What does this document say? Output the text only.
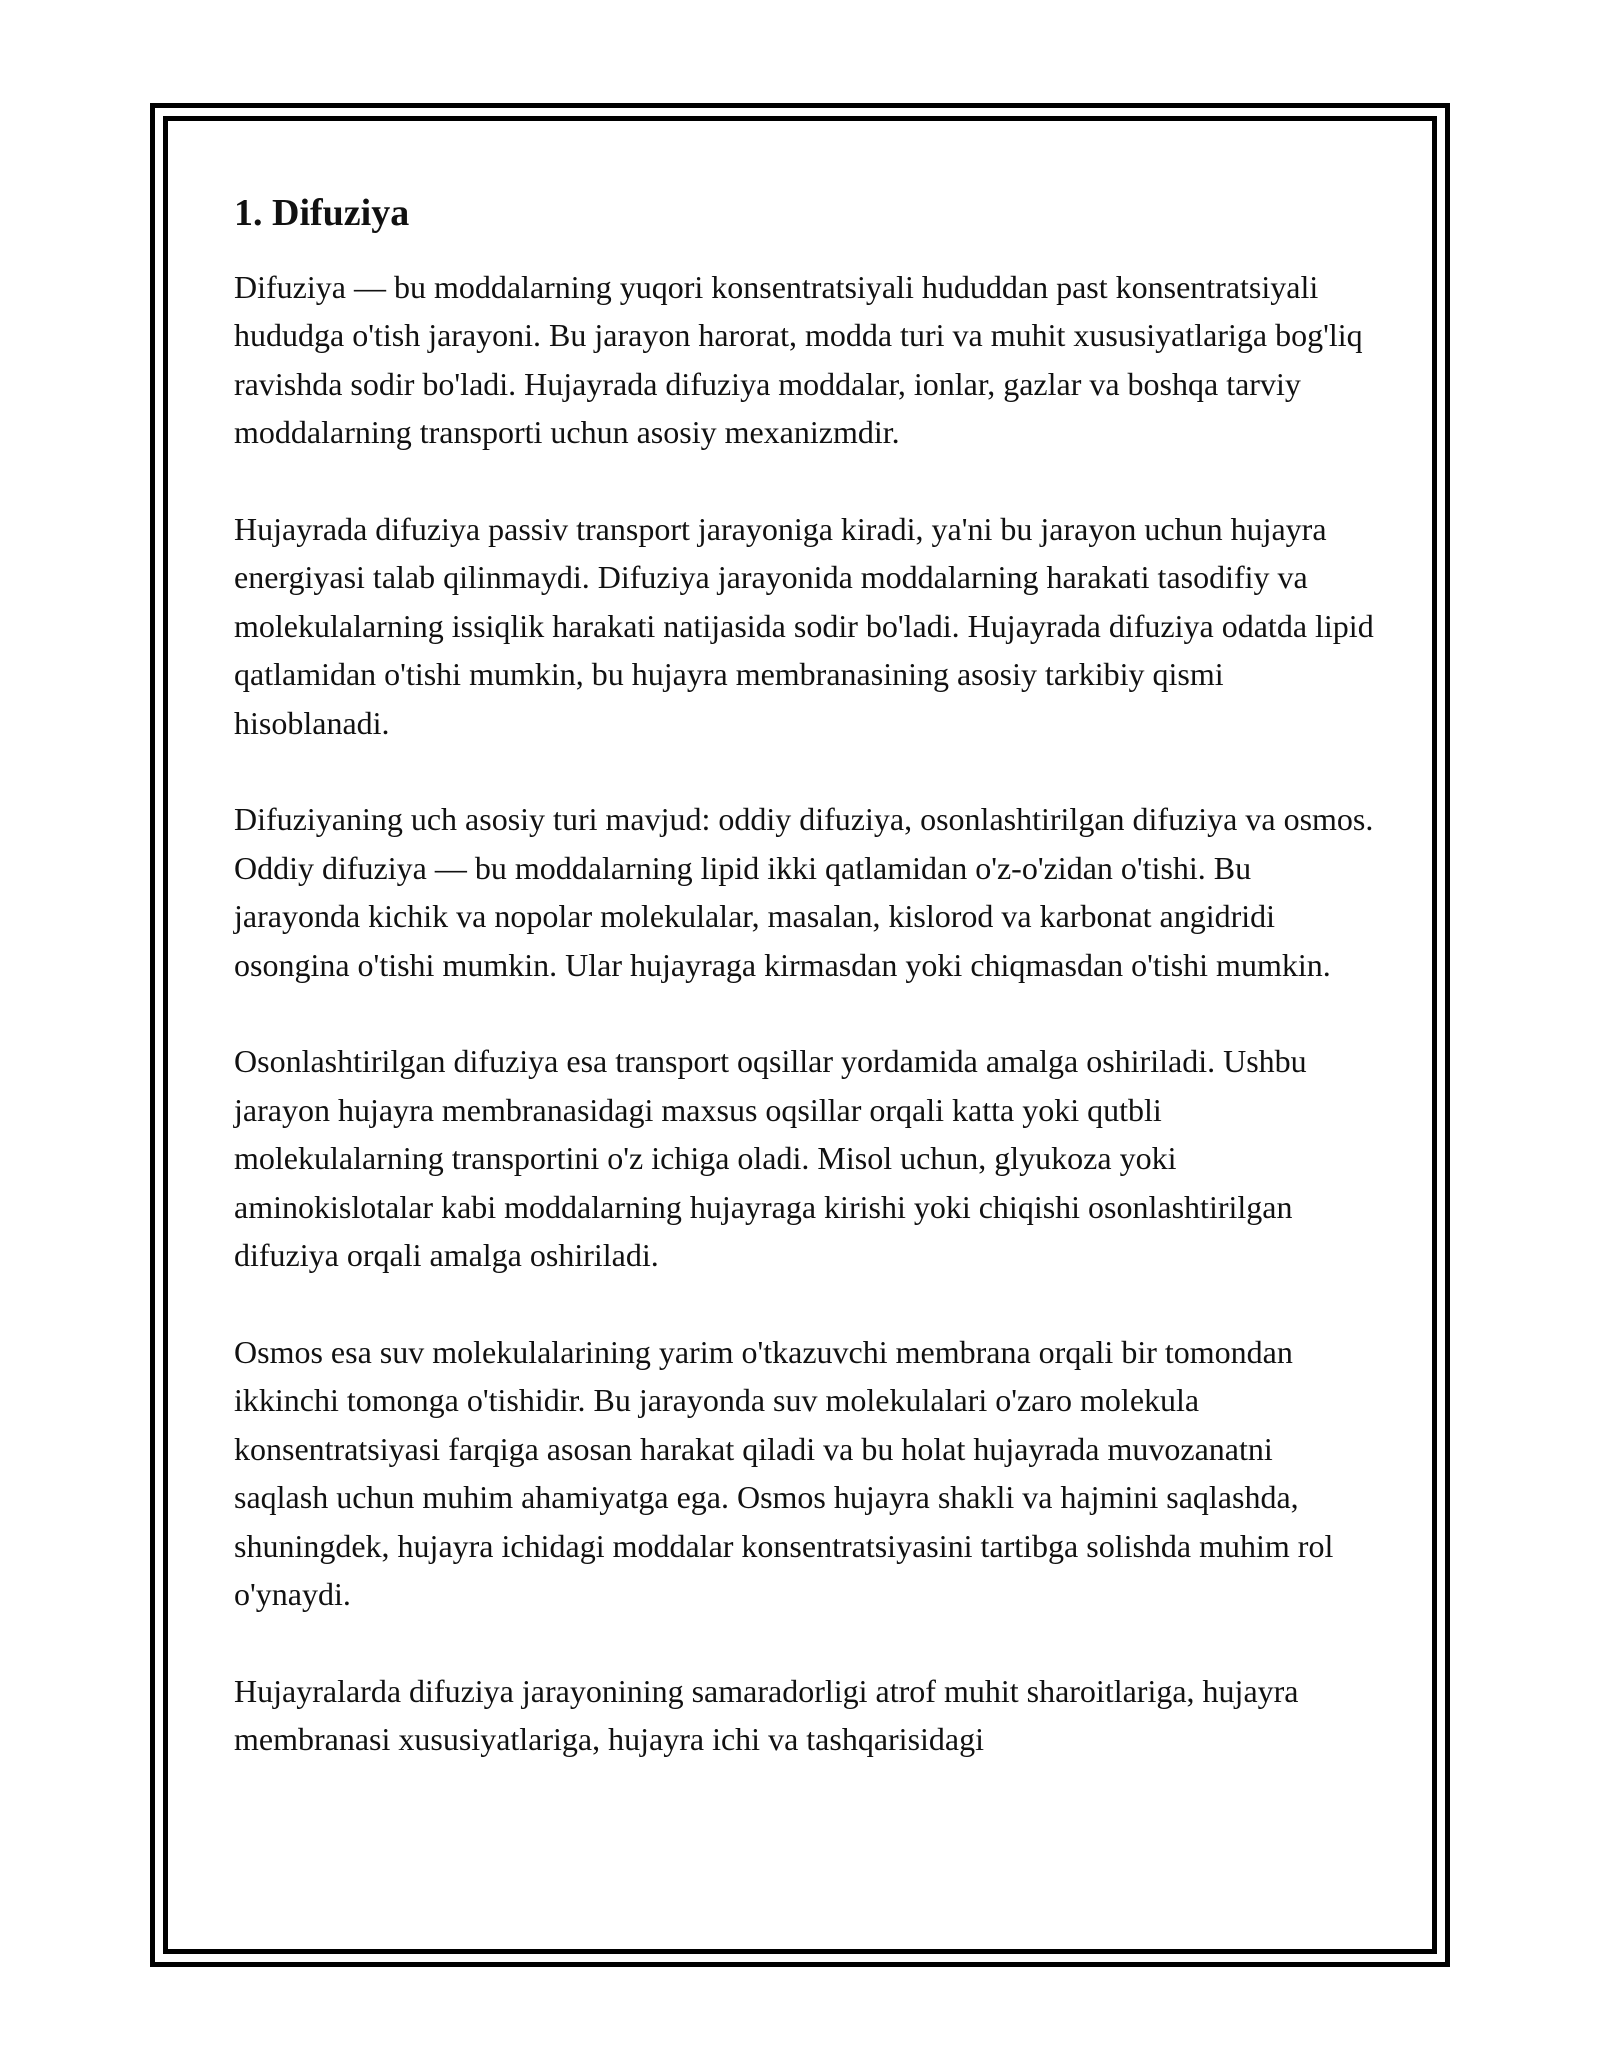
1. Difuziya

Difuziya — bu moddalarning yuqori konsentratsiyali hududdan past konsentratsiyali hududga o'tish jarayoni. Bu jarayon harorat, modda turi va muhit xususiyatlariga bog'liq ravishda sodir bo'ladi. Hujayrada difuziya moddalar, ionlar, gazlar va boshqa tarviy moddalarning transporti uchun asosiy mexanizmdir.

Hujayrada difuziya passiv transport jarayoniga kiradi, ya'ni bu jarayon uchun hujayra energiyasi talab qilinmaydi. Difuziya jarayonida moddalarning harakati tasodifiy va molekulalarning issiqlik harakati natijasida sodir bo'ladi. Hujayrada difuziya odatda lipid qatlamidan o'tishi mumkin, bu hujayra membranasining asosiy tarkibiy qismi hisoblanadi.

Difuziyaning uch asosiy turi mavjud: oddiy difuziya, osonlashtirilgan difuziya va osmos. Oddiy difuziya — bu moddalarning lipid ikki qatlamidan o'z-o'zidan o'tishi. Bu jarayonda kichik va nopolar molekulalar, masalan, kislorod va karbonat angidridi osongina o'tishi mumkin. Ular hujayraga kirmasdan yoki chiqmasdan o'tishi mumkin.

Osonlashtirilgan difuziya esa transport oqsillar yordamida amalga oshiriladi. Ushbu jarayon hujayra membranasidagi maxsus oqsillar orqali katta yoki qutbli molekulalarning transportini o'z ichiga oladi. Misol uchun, glyukoza yoki aminokislotalar kabi moddalarning hujayraga kirishi yoki chiqishi osonlashtirilgan difuziya orqali amalga oshiriladi.

Osmos esa suv molekulalarining yarim o'tkazuvchi membrana orqali bir tomondan ikkinchi tomonga o'tishidir. Bu jarayonda suv molekulalari o'zaro molekula konsentratsiyasi farqiga asosan harakat qiladi va bu holat hujayrada muvozanatni saqlash uchun muhim ahamiyatga ega. Osmos hujayra shakli va hajmini saqlashda, shuningdek, hujayra ichidagi moddalar konsentratsiyasini tartibga solishda muhim rol o'ynaydi.

Hujayralarda difuziya jarayonining samaradorligi atrof muhit sharoitlariga, hujayra membranasi xususiyatlariga, hujayra ichi va tashqarisidagi
